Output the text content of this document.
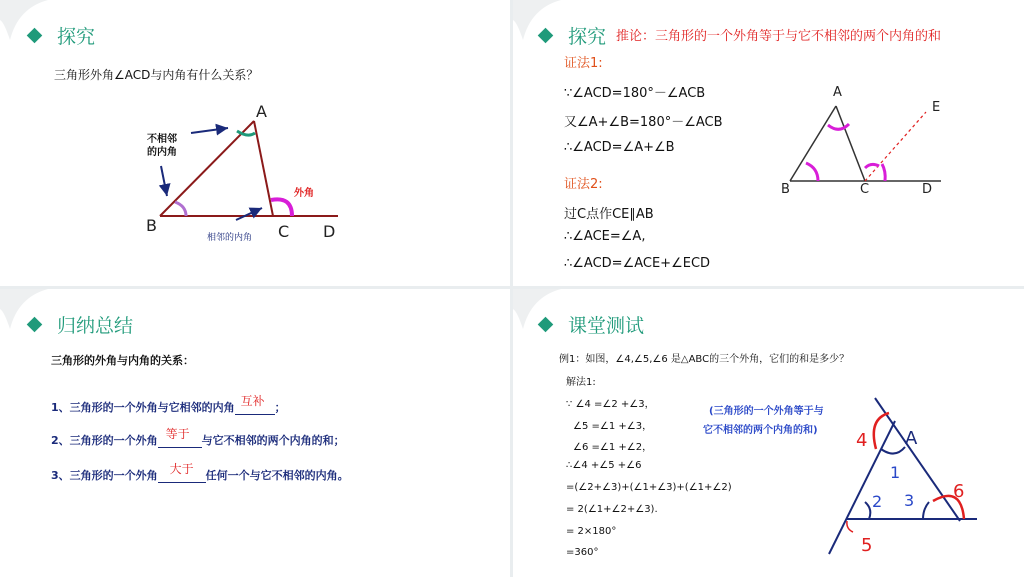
探究
三角形外角∠ACD与内角有什么关系？
A
B	C D
不相邻
的内角
外角
相邻的内角
探究 推论：三角形的一个外角等于与它不相邻的两个内角的和
证法1:
∵∠ACD=180°－∠ACB
又∠A+∠B=180°－∠ACB
∴∠ACD=∠A+∠B
证法2:
过C点作CE∥AB
∴∠ACE=∠A,
∴∠ACD=∠ACE+∠ECD
A
B	C	D
E
归纳总结
三角形的外角与内角的关系：
1、三角形的一个外角与它相邻的内角 互补 ；
2、三角形的一个外角 等于 与它不相邻的两个内角的和；
3、三角形的一个外角 大于 任何一个与它不相邻的内角。
课堂测试
例1：如图，∠4,∠5,∠6 是△ABC的三个外角，它们的和是多少？
解法1:
∵ ∠4 =∠2 +∠3，
∠5 =∠1 +∠3，
∠6 =∠1 +∠2，
∴∠4 +∠5 +∠6
=(∠2+∠3)+(∠1+∠3)+(∠1+∠2)
= 2(∠1+∠2+∠3).
= 2×180°
=360°
(三角形的一个外角等于与
它不相邻的两个内角的和)	A
1
2 3
4
5
6
